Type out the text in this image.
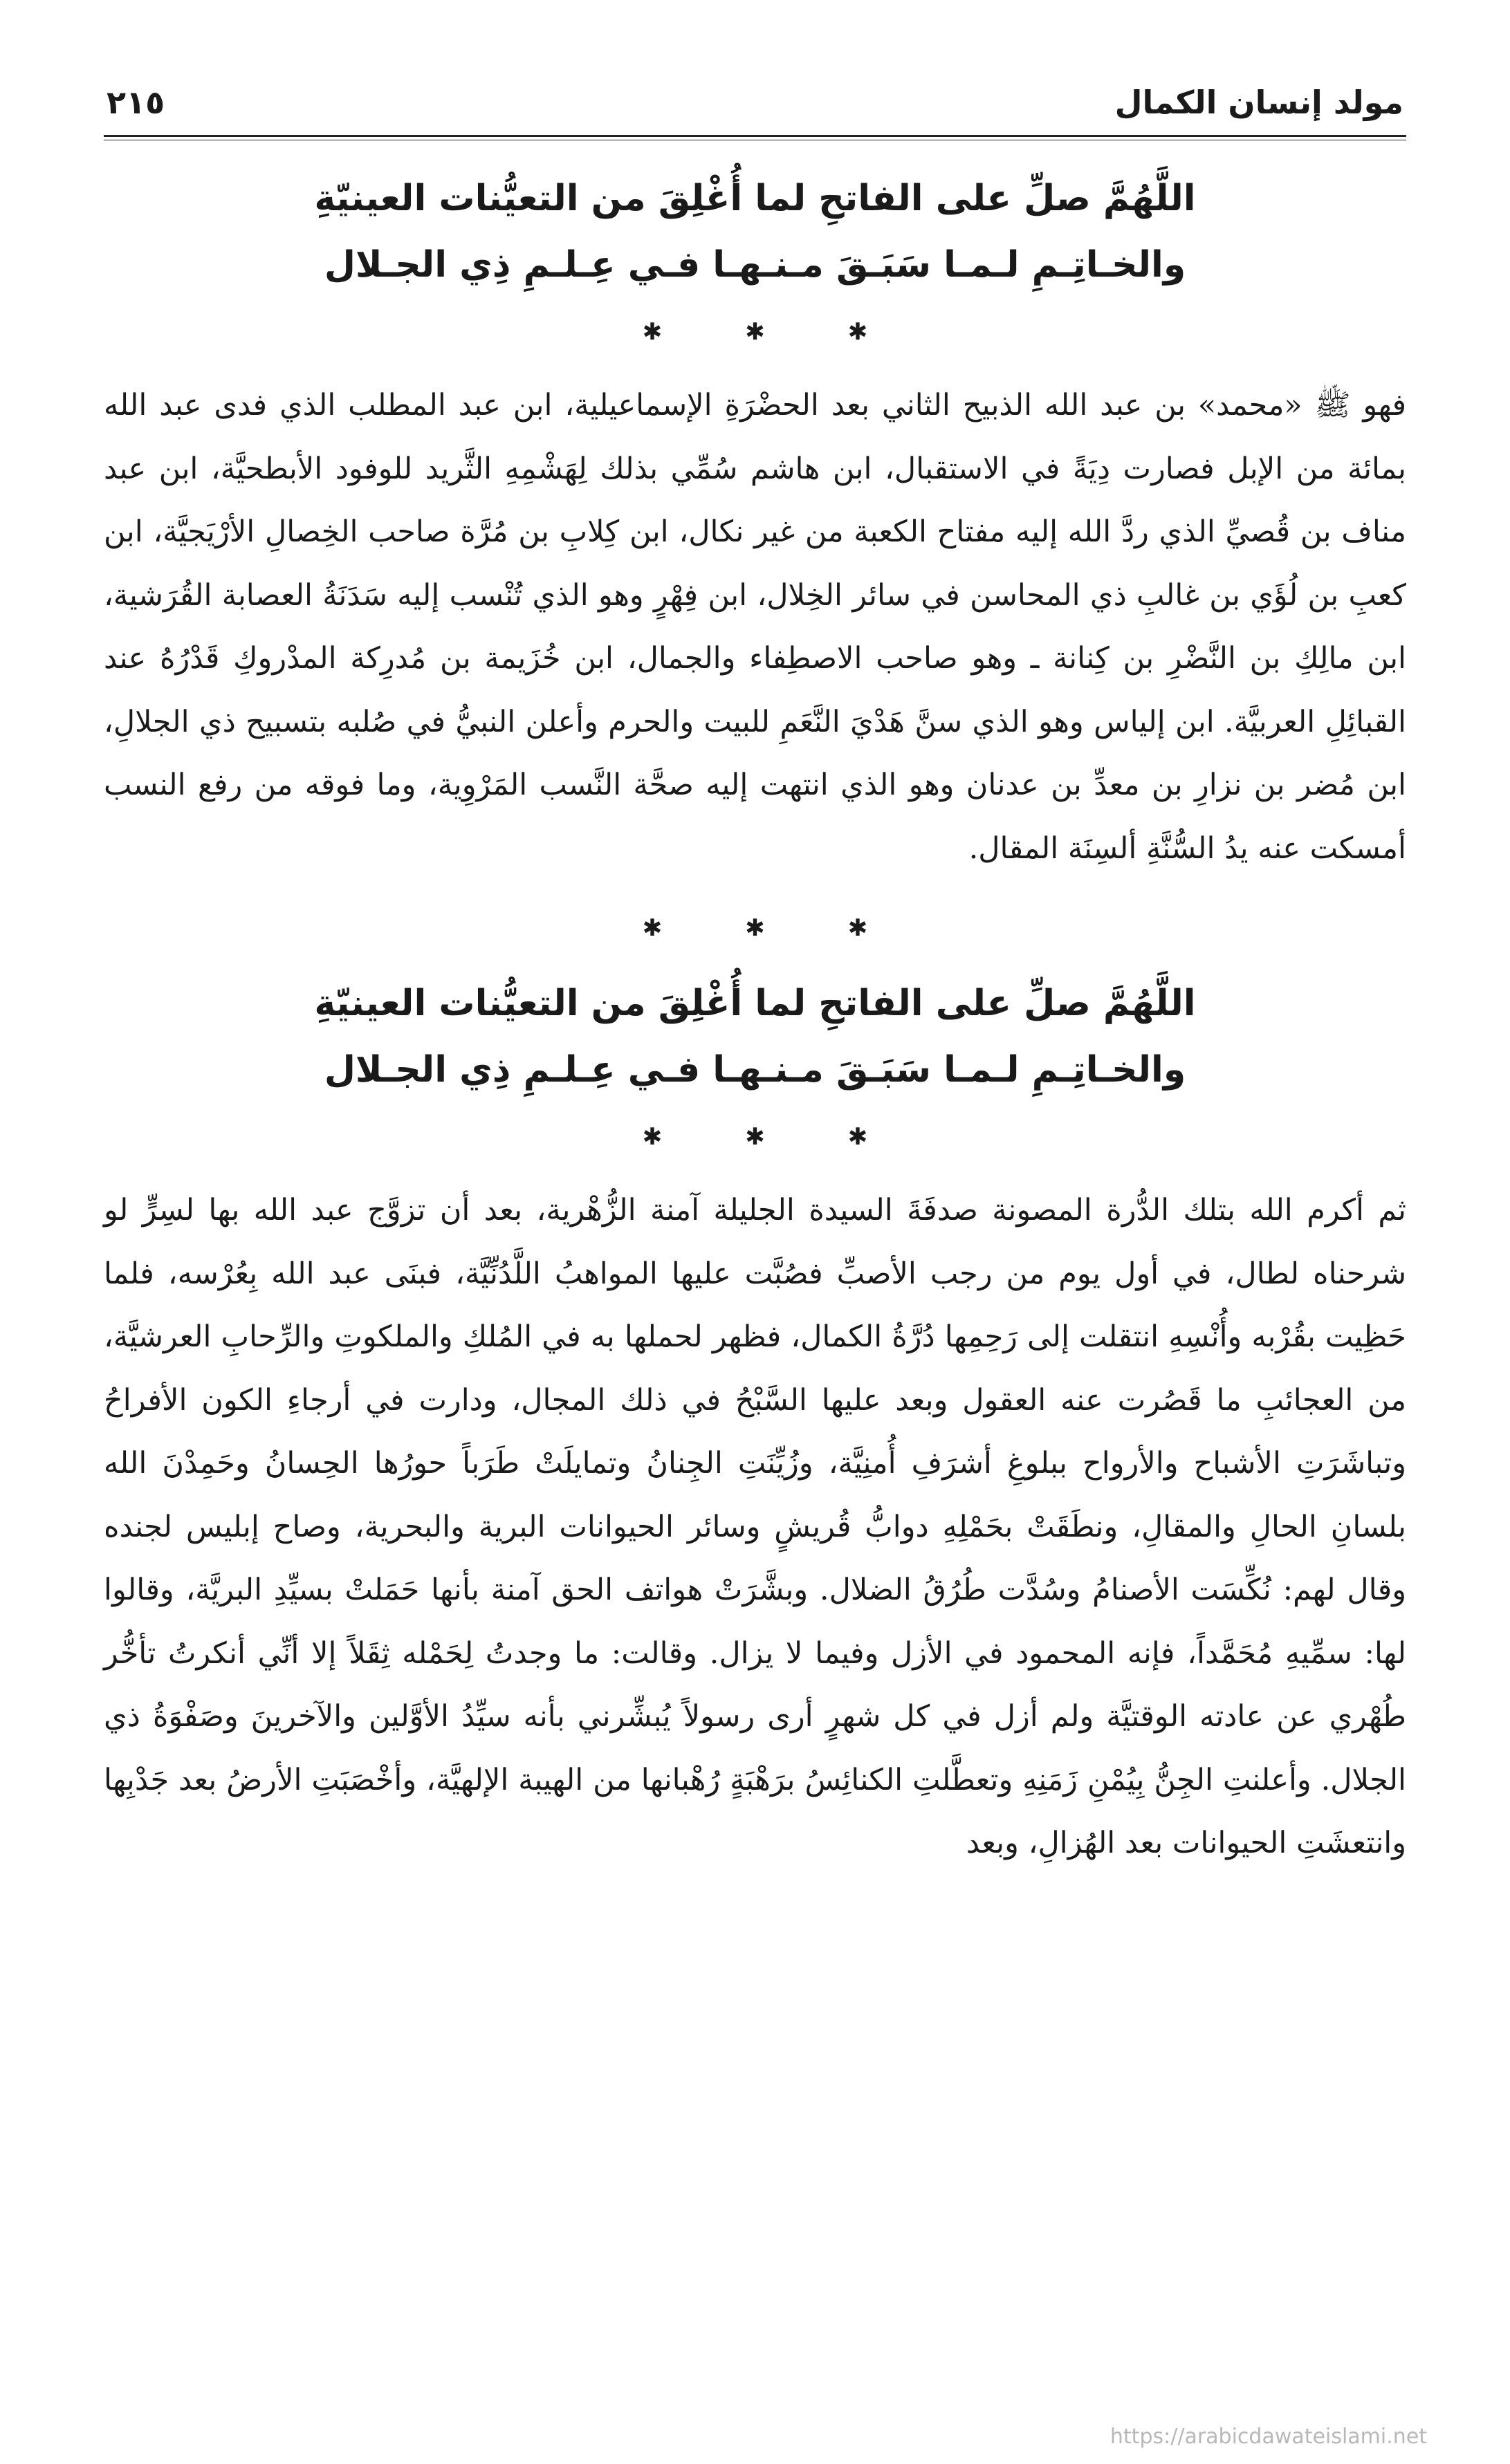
مولد إنسان الكمال
٢١٥
اللَّهُمَّ صلِّ على الفاتحِ لما أُغْلِقَ من التعيُّنات العينيّةِ
والخـاتِـمِ لـمـا سَبَـقَ مـنـهـا فـي عِـلـمِ ذِي الجـلال
✱
✱
✱

فهو ﷺ «محمد» بن عبد الله الذبيح الثاني بعد الحضْرَةِ الإسماعيلية، ابن عبد المطلب الذي فدى عبد الله بمائة من الإبل فصارت دِيَةً في الاستقبال، ابن هاشم سُمِّي بذلك لِهَشْمِهِ الثَّريد للوفود الأبطحيَّة، ابن عبد مناف بن قُصيِّ الذي ردَّ الله إليه مفتاح الكعبة من غير نكال، ابن كِلابِ بن مُرَّة صاحب الخِصالِ الأرْيَجيَّة، ابن كعبِ بن لُؤَي بن غالبِ ذي المحاسن في سائر الخِلال، ابن فِهْرٍ وهو الذي تُنْسب إليه سَدَنَةُ العصابة القُرَشية، ابن مالِكِ بن النَّضْرِ بن كِنانة ـ وهو صاحب الاصطِفاء والجمال، ابن خُزَيمة بن مُدرِكة المدْروكِ قَدْرُهُ عند القبائِلِ العربيَّة. ابن إلياس وهو الذي سنَّ هَدْيَ النَّعَمِ للبيت والحرم وأعلن النبيُّ في صُلبه بتسبيح ذي الجلالِ، ابن مُضر بن نزارِ بن معدِّ بن عدنان وهو الذي انتهت إليه صحَّة النَّسب المَرْوِية، وما فوقه من رفع النسب أمسكت عنه يدُ السُّنَّةِ ألسِنَة المقال.

✱
✱
✱
اللَّهُمَّ صلِّ على الفاتحِ لما أُغْلِقَ من التعيُّنات العينيّةِ
والخـاتِـمِ لـمـا سَبَـقَ مـنـهـا فـي عِـلـمِ ذِي الجـلال
✱
✱
✱

ثم أكرم الله بتلك الدُّرة المصونة صدفَةَ السيدة الجليلة آمنة الزُّهْرية، بعد أن تزوَّج عبد الله بها لسِرٍّ لو شرحناه لطال، في أول يوم من رجب الأصبِّ فصُبَّت عليها المواهبُ اللَّدُنِّيَّة، فبنَى عبد الله بِعُرْسه، فلما حَظِيت بقُرْبه وأُنْسِهِ انتقلت إلى رَحِمِها دُرَّةُ الكمال، فظهر لحملها به في المُلكِ والملكوتِ والرِّحابِ العرشيَّة، من العجائبِ ما قَصُرت عنه العقول وبعد عليها السَّبْحُ في ذلك المجال، ودارت في أرجاءِ الكون الأفراحُ وتباشَرَتِ الأشباح والأرواح ببلوغِ أشرَفِ أُمنِيَّة، وزُيِّنَتِ الجِنانُ وتمايلَتْ طَرَباً حورُها الحِسانُ وحَمِدْنَ الله بلسانِ الحالِ والمقالِ، ونطَقَتْ بحَمْلِهِ دوابُّ قُريشٍ وسائر الحيوانات البرية والبحرية، وصاح إبليس لجنده وقال لهم: نُكِّسَت الأصنامُ وسُدَّت طُرُقُ الضلال. وبشَّرَتْ هواتف الحق آمنة بأنها حَمَلتْ بسيِّدِ البريَّة، وقالوا لها: سمِّيهِ مُحَمَّداً، فإنه المحمود في الأزل وفيما لا يزال. وقالت: ما وجدتُ لِحَمْله ثِقَلاً إلا أنِّي أنكرتُ تأخُّر طُهْري عن عادته الوقتيَّة ولم أزل في كل شهرٍ أرى رسولاً يُبشِّرني بأنه سيِّدُ الأوَّلين والآخرينَ وصَفْوَةُ ذي الجلال. وأعلنتِ الجِنُّ بِيُمْنِ زَمَنِهِ وتعطَّلتِ الكنائِسُ برَهْبَةٍ رُهْبانها من الهيبة الإلهيَّة، وأخْصَبَتِ الأرضُ بعد جَدْبِها وانتعشَتِ الحيوانات بعد الهُزالِ، وبعد

https://arabicdawateislami.net
